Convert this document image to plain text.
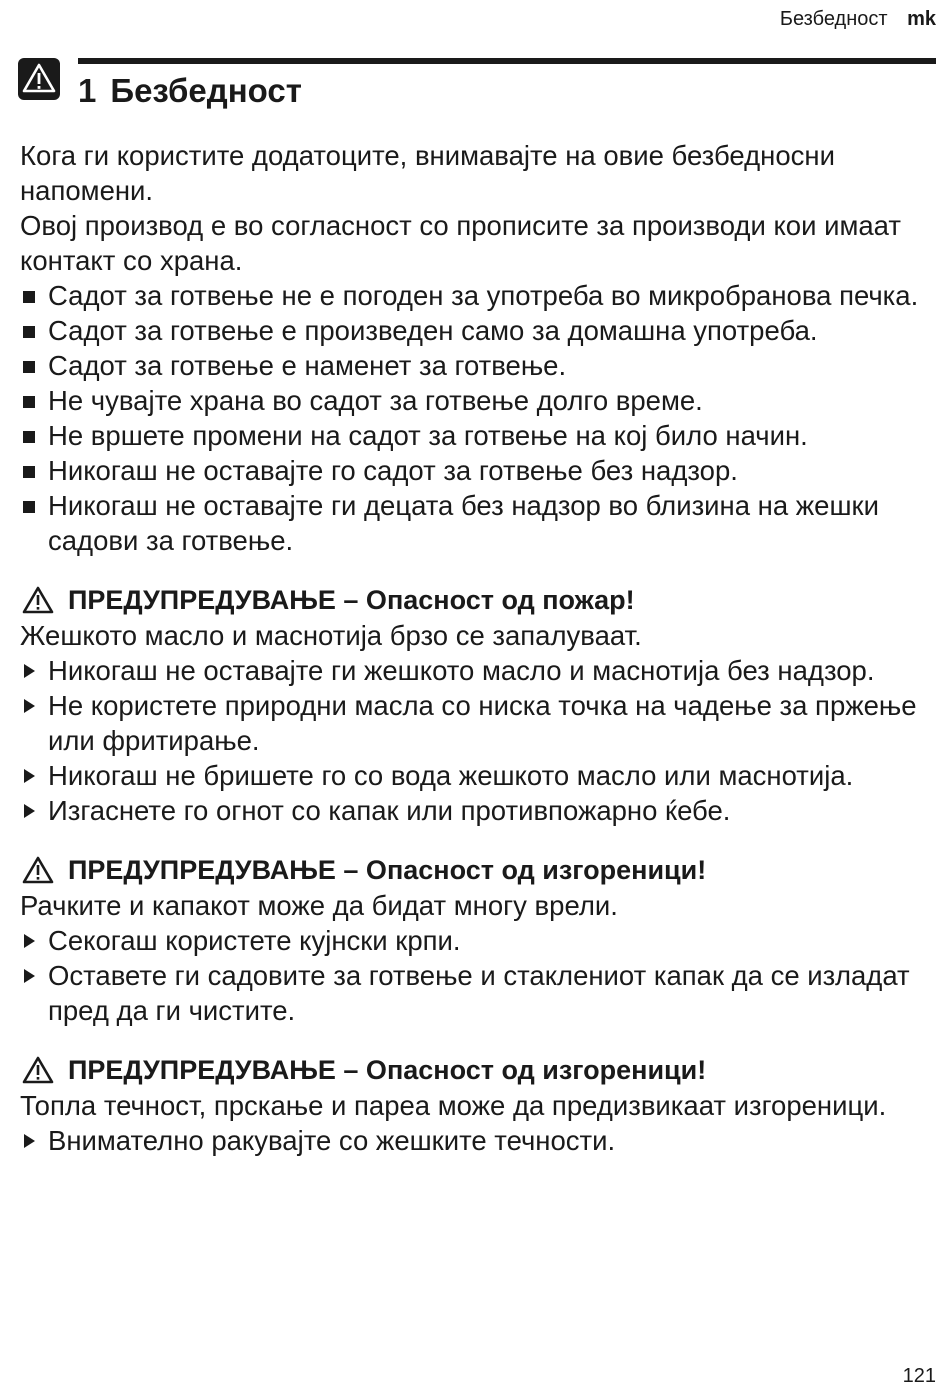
Безбедност mk
1 Безбедност

Кога ги користите додатоците, внимавајте на овие безбедносни напомени.

Овој производ е во согласност со прописите за производи кои имаат контакт со храна.

Садот за готвење не е погоден за употреба во микробранова печка.
Садот за готвење е произведен само за домашна употреба.
Садот за готвење е наменет за готвење.
Не чувајте храна во садот за готвење долго време.
Не вршете промени на садот за готвење на кој било начин.
Никогаш не оставајте го садот за готвење без надзор.
Никогаш не оставајте ги децата без надзор во близина на жешки садови за готвење.
ПРЕДУПРЕДУВАЊЕ – Опасност од пожар!

Жешкото масло и маснотија брзо се запалуваат.

Никогаш не оставајте ги жешкото масло и маснотија без надзор.
Не користете природни масла со ниска точка на чадење за пржење или фритирање.
Никогаш не бришете го со вода жешкото масло или маснотија.
Изгаснете го огнот со капак или противпожарно ќебе.
ПРЕДУПРЕДУВАЊЕ – Опасност од изгореници!

Рачките и капакот може да бидат многу врели.

Секогаш користете кујнски крпи.
Оставете ги садовите за готвење и стаклениот капак да се изладат пред да ги чистите.
ПРЕДУПРЕДУВАЊЕ – Опасност од изгореници!

Топла течност, прскање и пареа може да предизвикаат изгореници.

Внимателно ракувајте со жешките течности.
121
